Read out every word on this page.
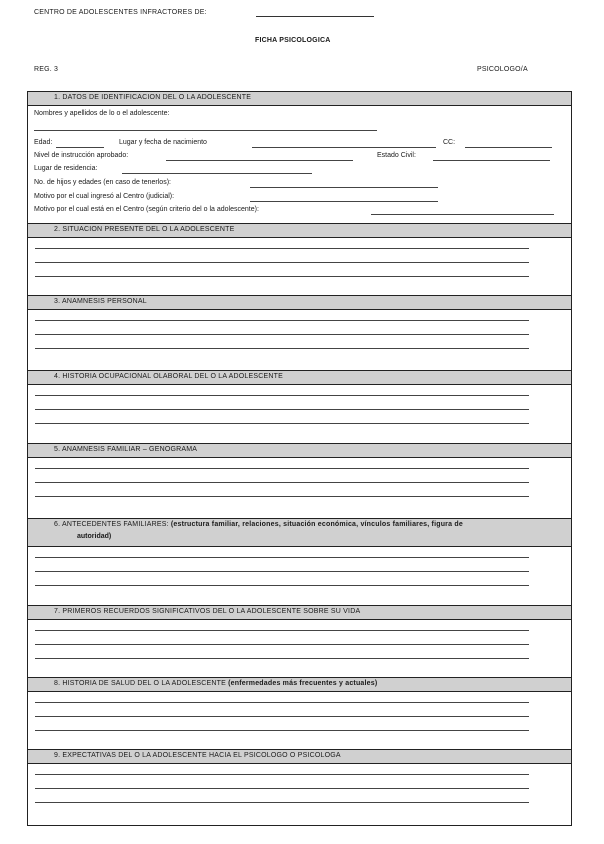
CENTRO DE ADOLESCENTES INFRACTORES DE:
FICHA PSICOLOGICA
REG. 3	PSICOLOGO/A
1. DATOS DE IDENTIFICACION DEL O LA ADOLESCENTE
Nombres y apellidos de lo o el adolescente:
Edad:	Lugar y fecha de nacimiento	CC:
Nivel de instrucción aprobado:	Estado Civil:
Lugar de residencia:
No. de hijos y edades (en caso de tenerlos):
Motivo por el cual ingresó al Centro (judicial):
Motivo por el cual está en el Centro (según criterio del o la adolescente):
2. SITUACION PRESENTE DEL O LA ADOLESCENTE
3. ANAMNESIS PERSONAL
4. HISTORIA OCUPACIONAL OLABORAL DEL O LA ADOLESCENTE
5. ANAMNESIS FAMILIAR – GENOGRAMA
6. ANTECEDENTES FAMILIARES: (estructura familiar, relaciones, situación económica, vínculos familiares, figura de
autoridad)
7. PRIMEROS RECUERDOS SIGNIFICATIVOS DEL O LA ADOLESCENTE SOBRE SU VIDA
8. HISTORIA DE SALUD DEL O LA ADOLESCENTE (enfermedades más frecuentes y actuales)
9. EXPECTATIVAS DEL O LA ADOLESCENTE HACIA EL PSICOLOGO O PSICOLOGA
